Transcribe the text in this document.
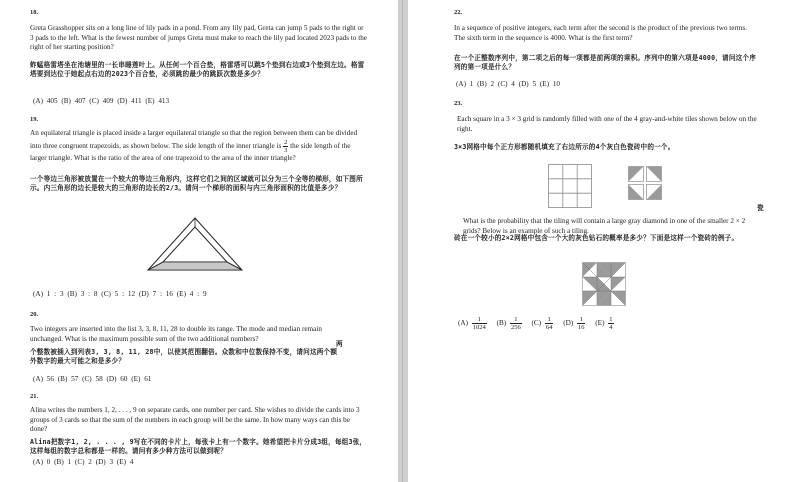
18.
Greta Grasshopper sits on a long line of lily pads in a pond. From any lily pad, Greta can jump 5 pads to the right or 3 pads to the left. What is the fewest number of jumps Greta must make to reach the lily pad located 2023 pads to the right of her starting position?
蚱蜢格雷塔坐在池塘里的一长串睡莲叶上。从任何一个百合垫，格雷塔可以跳5个垫到右边或3个垫到左边。格雷塔要到达位于她起点右边的2023个百合垫，必须跳的最少的跳跃次数是多少？
(A) 405 (B) 407 (C) 409 (D) 411 (E) 413
19.
An equilateral triangle is placed inside a larger equilateral triangle so that the region between them can be divided into three congruent trapezoids, as shown below. The side length of the inner triangle is $\frac{2}{3}$ the side length of the larger triangle. What is the ratio of the area of one trapezoid to the area of the inner triangle?
一个等边三角形被放置在一个较大的等边三角形内，这样它们之间的区域就可以分为三个全等的梯形，如下图所示。内三角形的边长是较大的三角形的边长的2/3。请问一个梯形的面积与内三角形面积的比值是多少？
(A) 1 : 3 (B) 3 : 8 (C) 5 : 12 (D) 7 : 16 (E) 4 : 9
20.
Two integers are inserted into the list 3, 3, 8, 11, 28 to double its range. The mode and median remain unchanged. What is the maximum possible sum of the two additional numbers?
两
个整数被插入到列表3, 3, 8, 11, 28中，以使其范围翻倍。众数和中位数保持不变，请问这两个额外数字的最大可能之和是多少？
(A) 56 (B) 57 (C) 58 (D) 60 (E) 61
21.
Alina writes the numbers 1, 2, . . . , 9 on separate cards, one number per card. She wishes to divide the cards into 3 groups of 3 cards so that the sum of the numbers in each group will be the same. In how many ways can this be done?
Alina把数字1, 2, . . . , 9写在不同的卡片上，每张卡上有一个数字。她希望把卡片分成3组，每组3张，这样每组的数字总和都是一样的。请问有多少种方法可以做到呢？
(A) 0 (B) 1 (C) 2 (D) 3 (E) 4
22.
In a sequence of positive integers, each term after the second is the product of the previous two terms. The sixth term in the sequence is 4000. What is the first term?
在一个正整数序列中，第二项之后的每一项都是前两项的乘积。序列中的第六项是4000，请问这个序列的第一项是什么？
(A) 1 (B) 2 (C) 4 (D) 5 (E) 10
23.
Each square in a 3 × 3 grid is randomly filled with one of the 4 gray-and-white tiles shown below on the right.
3×3网格中每个正方形都随机填充了右边所示的4个灰白色瓷砖中的一个。
瓷
What is the probability that the tiling will contain a large gray diamond in one of the smaller 2 × 2 grids? Below is an example of such a tiling.
砖在一个较小的2×2网格中包含一个大的灰色钻石的概率是多少？下面是这样一个瓷砖的例子。
$(A) \frac{1}{1024} (B) \frac{1}{256} (C) \frac{1}{64} (D) \frac{1}{16} (E) \frac{1}{4}$
